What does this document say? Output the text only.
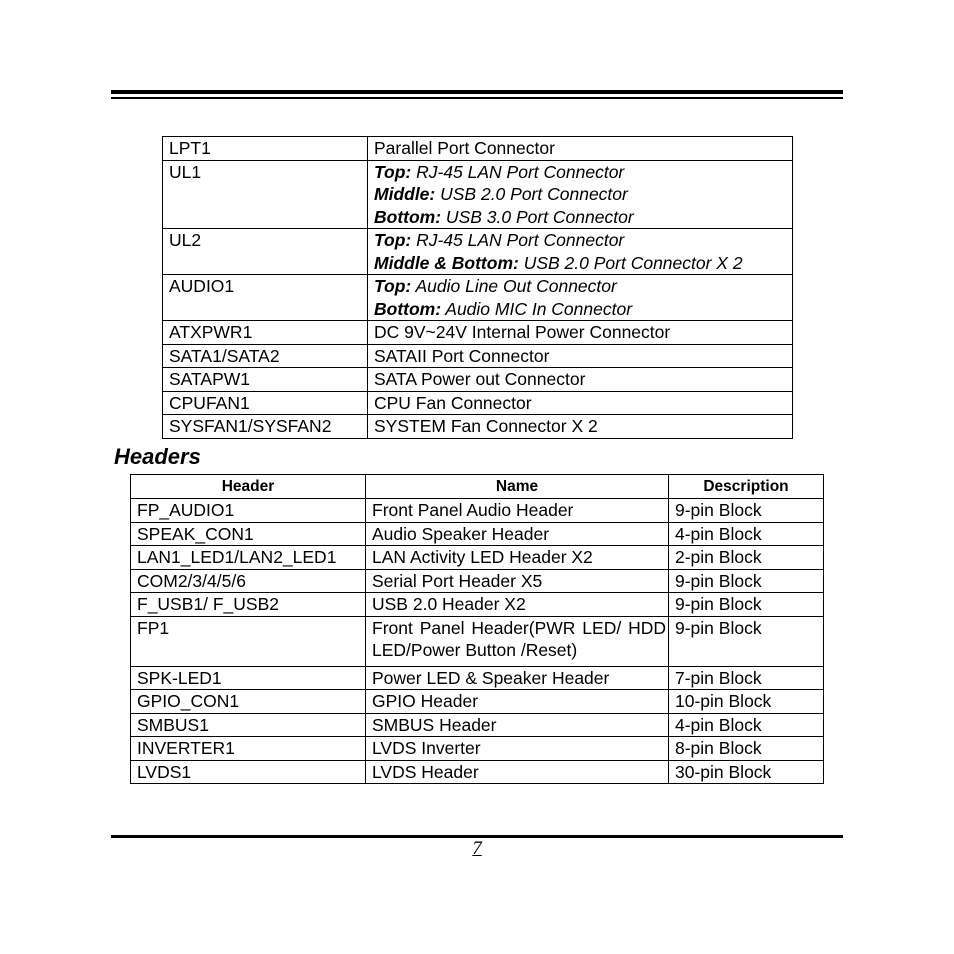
LPT1	Parallel Port Connector

UL1	Top: RJ-45 LAN Port Connector
Middle: USB 2.0 Port Connector
Bottom: USB 3.0 Port Connector

UL2	Top: RJ-45 LAN Port Connector
Middle & Bottom: USB 2.0 Port Connector X 2

AUDIO1	Top: Audio Line Out Connector
Bottom: Audio MIC In Connector

ATXPWR1	DC 9V~24V Internal Power Connector

SATA1/SATA2	SATAII Port Connector

SATAPW1	SATA Power out Connector

CPUFAN1	CPU Fan Connector

SYSFAN1/SYSFAN2	SYSTEM Fan Connector X 2
Headers
Header	Name	Description
FP_AUDIO1	Front Panel Audio Header	9-pin Block
SPEAK_CON1	Audio Speaker Header	4-pin Block
LAN1_LED1/LAN2_LED1	LAN Activity LED Header X2	2-pin Block
COM2/3/4/5/6	Serial Port Header X5	9-pin Block
F_USB1/ F_USB2	USB 2.0 Header X2	9-pin Block
FP1	Front Panel Header(PWR LED/ HDD LED/Power Button /Reset)	9-pin Block
SPK-LED1	Power LED & Speaker Header	7-pin Block
GPIO_CON1	GPIO Header	10-pin Block
SMBUS1	SMBUS Header	4-pin Block
INVERTER1	LVDS Inverter	8-pin Block
LVDS1	LVDS Header	30-pin Block
7
